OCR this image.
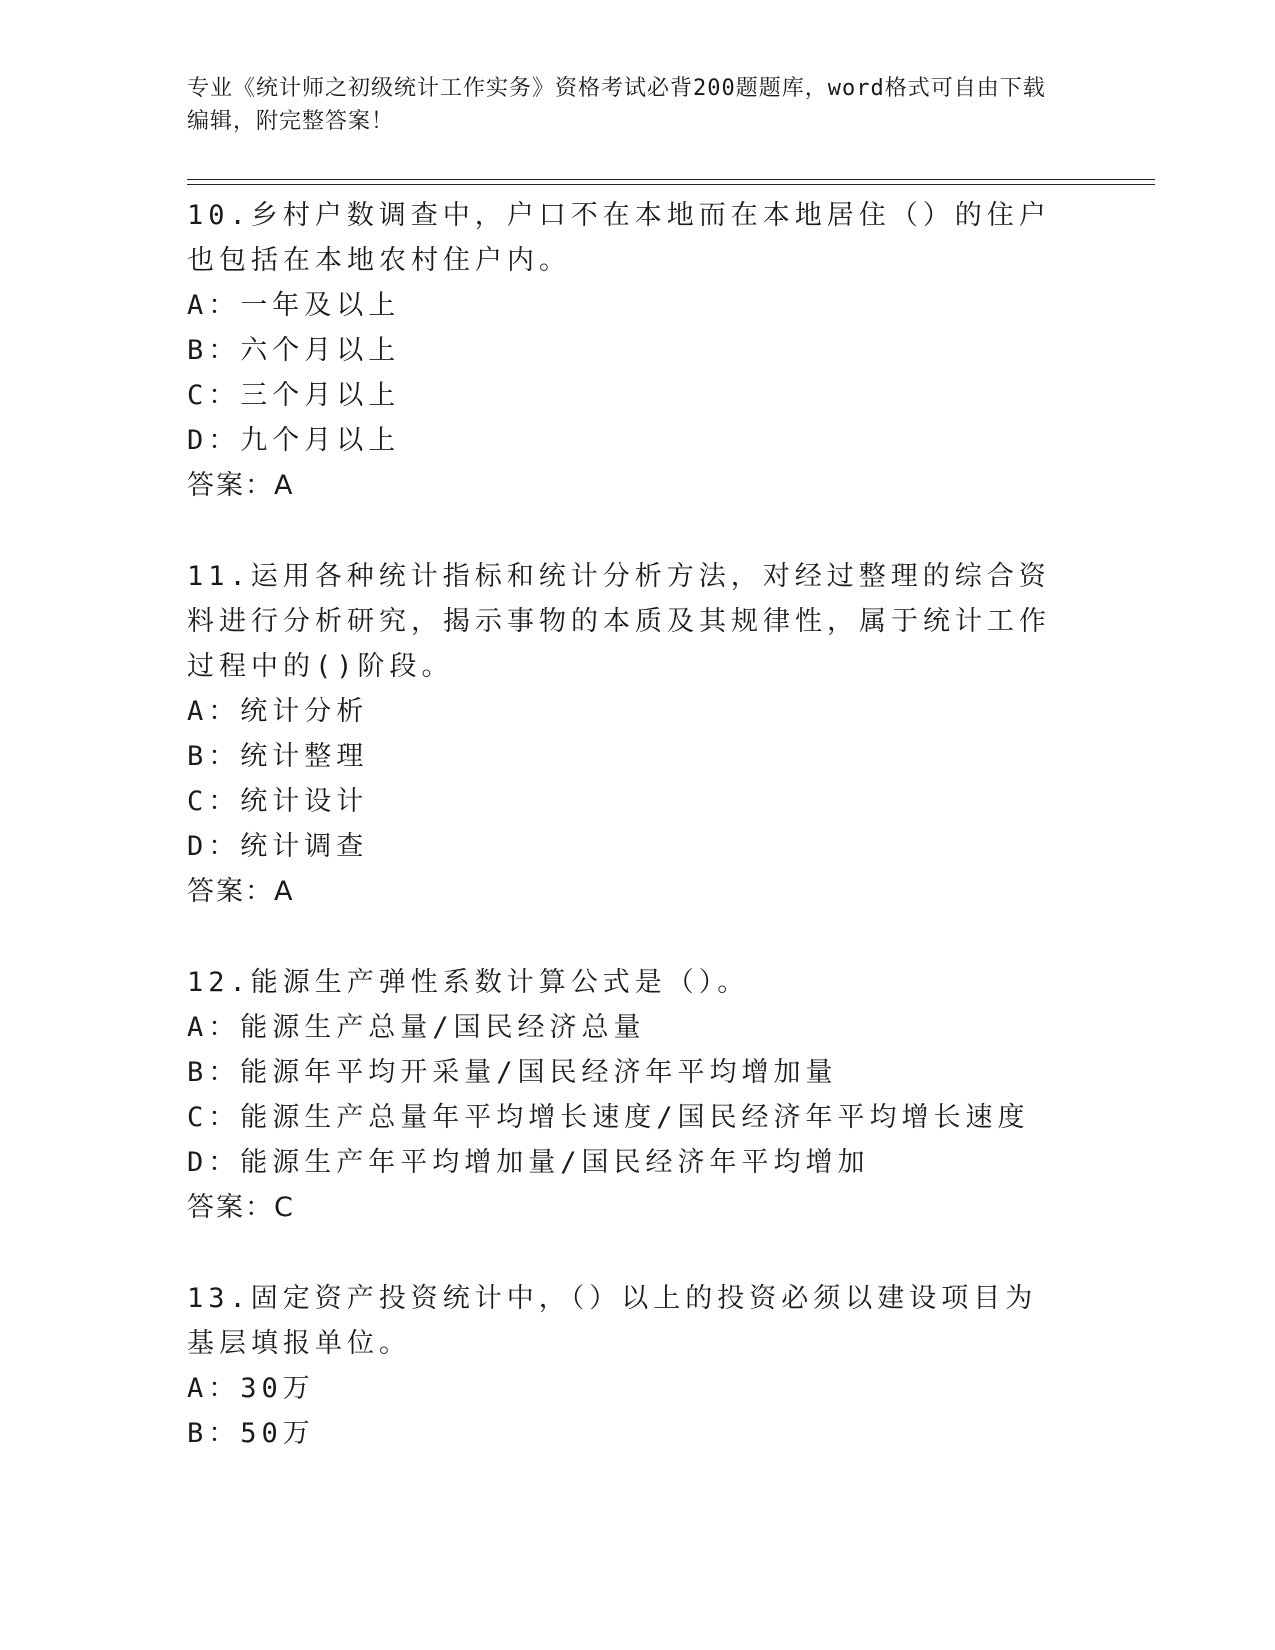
专业《统计师之初级统计工作实务》资格考试必背200题题库，word格式可自由下载编辑，附完整答案！
10.乡村户数调查中，户口不在本地而在本地居住（）的住户也包括在本地农村住户内。
A：一年及以上
B：六个月以上
C：三个月以上
D：九个月以上
答案：A
11.运用各种统计指标和统计分析方法，对经过整理的综合资料进行分析研究，揭示事物的本质及其规律性，属于统计工作过程中的()阶段。
A：统计分析
B：统计整理
C：统计设计
D：统计调查
答案：A
12.能源生产弹性系数计算公式是（）。
A：能源生产总量/国民经济总量
B：能源年平均开采量/国民经济年平均增加量
C：能源生产总量年平均增长速度/国民经济年平均增长速度
D：能源生产年平均增加量/国民经济年平均增加
答案：C
13.固定资产投资统计中，（）以上的投资必须以建设项目为基层填报单位。
A：30万
B：50万
